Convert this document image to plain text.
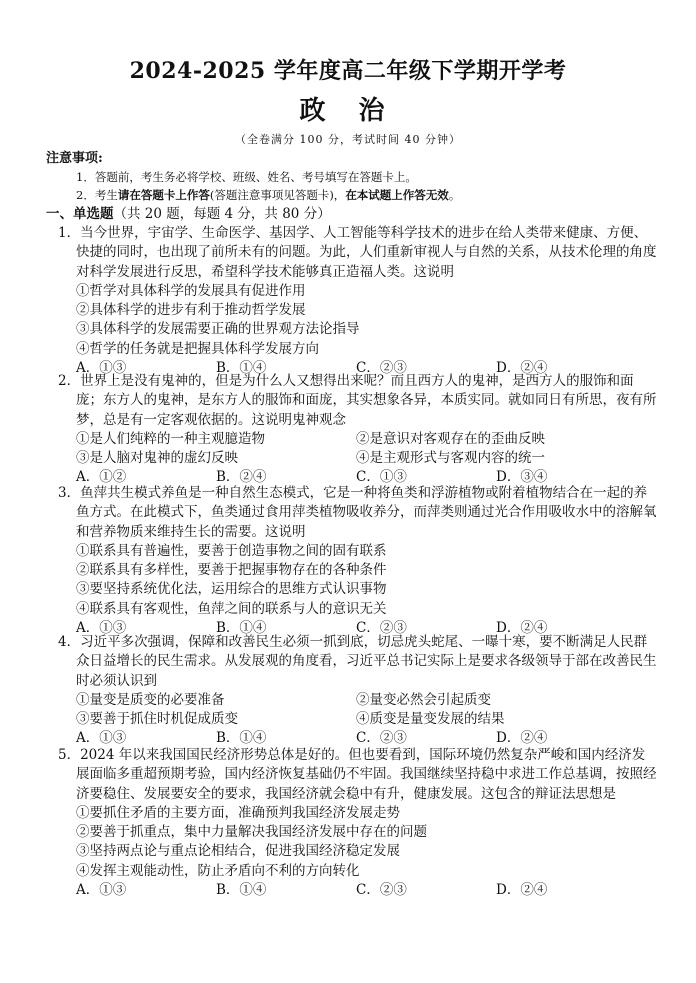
2024-2025 学年度高二年级下学期开学考
政 治
（全卷满分 100 分，考试时间 40 分钟）
注意事项:
1．答题前，考生务必将学校、班级、姓名、考号填写在答题卡上。
2．考生请在答题卡上作答(答题注意事项见答题卡)，在本试题上作答无效。
一、单选题（共 20 题，每题 4 分，共 80 分）
1．当今世界，宇宙学、生命医学、基因学、人工智能等科学技术的进步在给人类带来健康、方便、快捷的同时，也出现了前所未有的问题。为此，人们重新审视人与自然的关系，从技术伦理的角度对科学发展进行反思，希望科学技术能够真正造福人类。这说明
①哲学对具体科学的发展具有促进作用
②具体科学的进步有利于推动哲学发展
③具体科学的发展需要正确的世界观方法论指导
④哲学的任务就是把握具体科学发展方向
A．①③	B．①④	C．②③	D．②④
2．世界上是没有鬼神的，但是为什么人又想得出来呢？而且西方人的鬼神，是西方人的服饰和面庞；东方人的鬼神，是东方人的服饰和面庞，其实想象各异，本质实同。就如同日有所思，夜有所梦，总是有一定客观依据的。这说明鬼神观念
①是人们纯粹的一种主观臆造物	②是意识对客观存在的歪曲反映
③是人脑对鬼神的虚幻反映	④是主观形式与客观内容的统一
A．①②	B．②④	C．①③	D．③④
3．鱼萍共生模式养鱼是一种自然生态模式，它是一种将鱼类和浮游植物或附着植物结合在一起的养鱼方式。在此模式下，鱼类通过食用萍类植物吸收养分，而萍类则通过光合作用吸收水中的溶解氧和营养物质来维持生长的需要。这说明
①联系具有普遍性，要善于创造事物之间的固有联系
②联系具有多样性，要善于把握事物存在的各种条件
③要坚持系统优化法，运用综合的思维方式认识事物
④联系具有客观性，鱼萍之间的联系与人的意识无关
A．①③	B．①④	C．②③	D．②④
4．习近平多次强调，保障和改善民生必须一抓到底，切忌虎头蛇尾、一曝十寒，要不断满足人民群众日益增长的民生需求。从发展观的角度看，习近平总书记实际上是要求各级领导于部在改善民生时必须认识到
①量变是质变的必要准备	②量变必然会引起质变
③要善于抓住时机促成质变	④质变是量变发展的结果
A．①③	B．①④	C．②③	D．②④
5．2024 年以来我国国民经济形势总体是好的。但也要看到，国际环境仍然复杂严峻和国内经济发展面临多重超预期考验，国内经济恢复基础仍不牢固。我国继续坚持稳中求进工作总基调，按照经济要稳住、发展要安全的要求，我国经济就会稳中有升，健康发展。这包含的辩证法思想是
①要抓住矛盾的主要方面，准确预判我国经济发展走势
②要善于抓重点，集中力量解决我国经济发展中存在的问题
③坚持两点论与重点论相结合，促进我国经济稳定发展
④发挥主观能动性，防止矛盾向不利的方向转化
A．①③	B．①④	C．②③	D．②④
